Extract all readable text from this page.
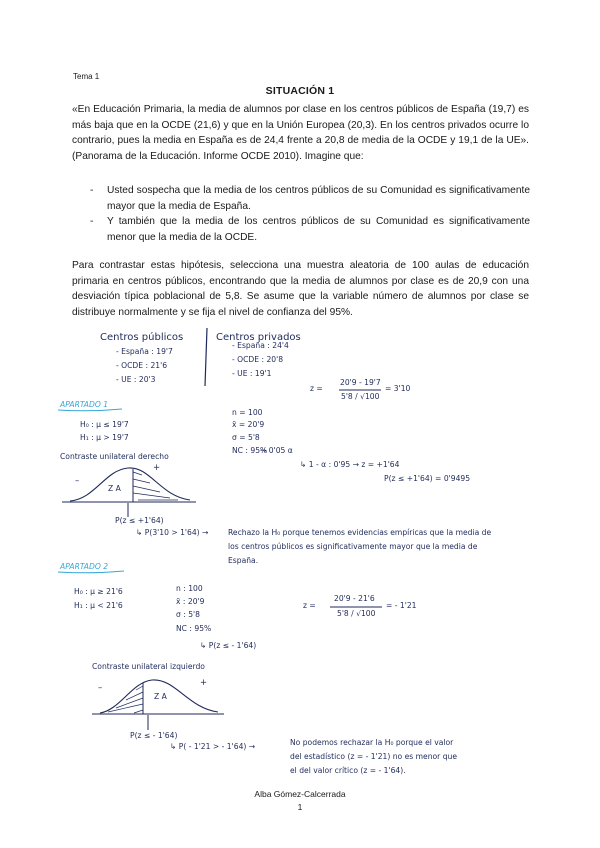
Tema 1
SITUACIÓN 1
«En Educación Primaria, la media de alumnos por clase en los centros públicos de España (19,7) es más baja que en la OCDE (21,6) y que en la Unión Europea (20,3). En los centros privados ocurre lo contrario, pues la media en España es de 24,4 frente a 20,8 de media de la OCDE y 19,1 de la UE». (Panorama de la Educación. Informe OCDE 2010). Imagine que:
- Usted sospecha que la media de los centros públicos de su Comunidad es significativamente mayor que la media de España.
- Y también que la media de los centros públicos de su Comunidad es significativamente menor que la media de la OCDE.
Para contrastar estas hipótesis, selecciona una muestra aleatoria de 100 aulas de educación primaria en centros públicos, encontrando que la media de alumnos por clase es de 20,9 con una desviación típica poblacional de 5,8. Se asume que la variable número de alumnos por clase se distribuye normalmente y se fija el nivel de confianza del 95%.
Centros públicos
- España : 19'7
- OCDE : 21'6
- UE : 20'3
Centros privados
- España : 24'4
- OCDE : 20'8
- UE : 19'1
APARTADO 1
H₀ : μ ≤ 19'7
H₁ : μ > 19'7
n = 100
x̄ = 20'9
σ = 5'8
NC : 95%
→ 0'05 α
↳ 1 - α : 0'95 → z = +1'64
P(z ≤ +1'64) = 0'9495
z =
20'9 - 19'7
5'8 / √100
= 3'10
Contraste unilateral derecho
–
+
Z A
P(z ≤ +1'64)
↳ P(3'10 > 1'64) →	Rechazo la H₀ porque tenemos evidencias empíricas que la media de
los centros públicos es significativamente mayor que la media de
España.
APARTADO 2
H₀ : μ ≥ 21'6
H₁ : μ < 21'6
n : 100
x̄ : 20'9
σ : 5'8
NC : 95%
↳ P(z ≤ - 1'64)
z =
20'9 - 21'6
5'8 / √100
= - 1'21
Contraste unilateral izquierdo
–	+
Z A
P(z ≤ - 1'64)
↳ P( - 1'21 > - 1'64) →	No podemos rechazar la H₀ porque el valor
del estadístico (z = - 1'21) no es menor que
el del valor crítico (z = - 1'64).
Alba Gómez-Calcerrada
1
